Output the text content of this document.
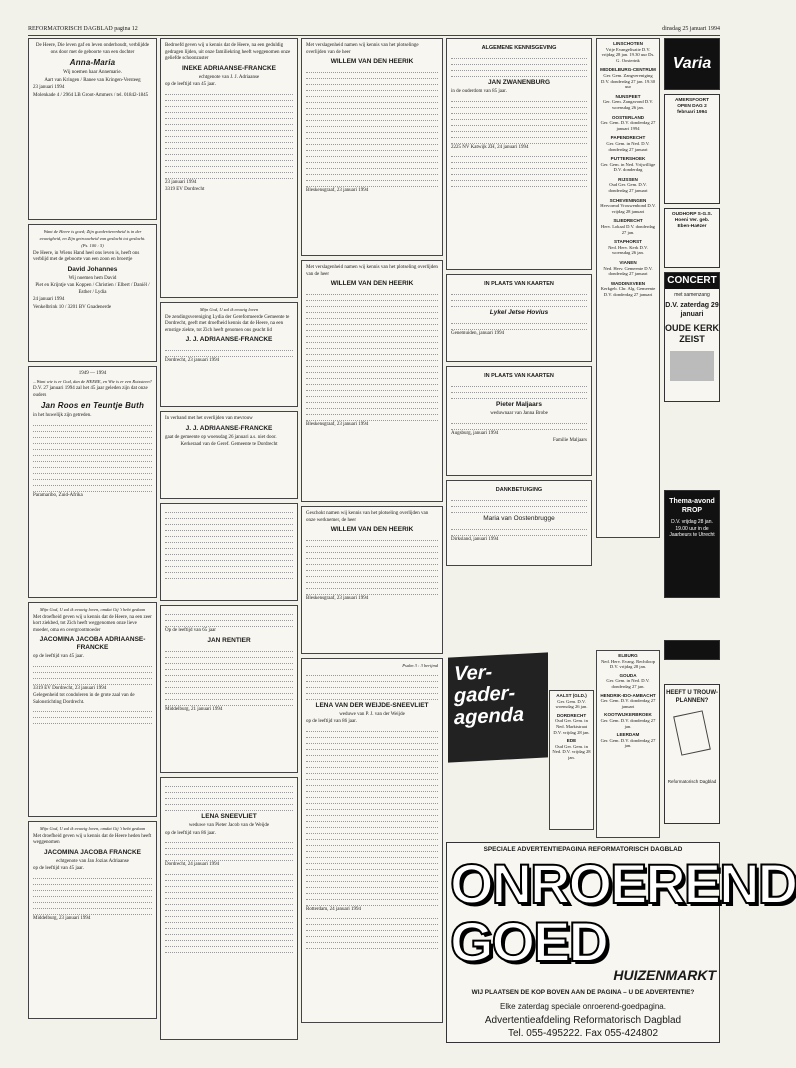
REFORMATORISCH DAGBLAD pagina 12	dinsdag 25 januari 1994

De Heere, Die leven gaf en leven onderhoudt, verblijdde ons door met de geboorte van een dochter

Anna-Maria

Wij noemen haar Annemarie.

Aart van Kringen / Ranee van Kringen-Versteeg

23 januari 1994

Molenkade 4 / 2964 LB Groot-Ammers / tel. 01842-1845

Want de Heere is goed; Zijn goedertierenheid is in der eeuwigheid, en Zijn getrouwheid van geslacht tot geslacht.

(Ps. 100 : 5)

De Heere, in Wiens Hand heel ons leven is, heeft ons verblijd met de geboorte van een zoon en broertje

David Johannes

Wij noemen hem David

Piet en Krijntje van Koppen / Christien / Elbert / Daniël / Esther / Lydia

24 januari 1994

Venkelbrink 10 / 3201 BV Gnadenerde

1949 — 1994

...Want wie is er God, dan de HEERE, en Wie is er een Rotssteen?

D.V. 27 januari 1994 zal het 45 jaar geleden zijn dat onze ouders

Jan Roos en Teuntje Buth

in het huwelijk zijn getreden.

Paramaribo, Zuid-Afrika

Mijn God, U zal ik eeuwig loven, omdat Gij 't hebt gedaan

Met droefheid geven wij u kennis dat de Heere, na een zeer kort ziekbed, tot Zich heeft weggenomen onze lieve moeder, oma en overgrootmoeder

JACOMINA JACOBA ADRIAANSE-FRANCKE

op de leeftijd van 45 jaar.

3319 EV Dordrecht, 23 januari 1994

Gelegenheid tot condoleren in de grote zaal van de Salonstichting Dordrecht.

Mijn God, U zal ik eeuwig loven, omdat Gij 't hebt gedaan

Met droefheid geven wij u kennis dat de Heere heden heeft weggenomen

JACOMINA JACOBA FRANCKE

echtgenote van Jan Jozias Adriaanse

op de leeftijd van 45 jaar.

Middelburg, 23 januari 1994

Bedroefd geven wij u kennis dat de Heere, na een geduldig gedragen lijden, uit onze familiekring heeft weggenomen onze geliefde schoonzuster

INEKE ADRIAANSE-FRANCKE

echtgenote van J. J. Adriaanse

op de leeftijd van 45 jaar.

23 januari 1994

3319 EV Dordrecht

Mijn God, U zal ik eeuwig loven

De zendingsvereniging Lydia der Gereformeerde Gemeente te Dordrecht, geeft met droefheid kennis dat de Heere, na een ernstige ziekte, tot Zich heeft genomen ons geacht lid

J. J. ADRIAANSE-FRANCKE

Dordrecht, 23 januari 1994

In verband met het overlijden van mevrouw

J. J. ADRIAANSE-FRANCKE

gaat de gemeente op woensdag 26 januari a.s. niet door.

Kerkeraad van de Geref. Gemeente te Dordrecht

Op de leeftijd van 65 jaar

JAN RENTIER

Middelburg, 21 januari 1994

LENA SNEEVLIET

weduwe van Pieter Jacob van de Weijde

op de leeftijd van 86 jaar.

Dordrecht, 24 januari 1994

Met verslagenheid namen wij kennis van het plotselinge overlijden van de heer

WILLEM VAN DEN HEERIK

Bleskensgraaf, 23 januari 1994

Met verslagenheid namen wij kennis van het plotseling overlijden van de heer

WILLEM VAN DEN HEERIK

Bleskensgraaf, 23 januari 1994

Geschokt namen wij kennis van het plotseling overlijden van onze werknemer, de heer

WILLEM VAN DEN HEERIK

Bleskensgraaf, 23 januari 1994

Psalm 3 : 3 berijmd

LENA VAN DER WEIJDE-SNEEVLIET

weduwe van P. J. van der Weijde

op de leeftijd van 86 jaar.

Rotterdam, 24 januari 1994

ALGEMENE KENNISGEVING
JAN ZWANENBURG

in de ouderdom van 85 jaar.

2225 NV Katwijk ZH, 24 januari 1994

IN PLAATS VAN KAARTEN
Lykel Jetse Hovius

Genemuiden, januari 1994

IN PLAATS VAN KAARTEN
Pieter Maljaars

weduwnaar van Janna Brobe

Augsburg, januari 1994

Familie Maljaars

DANKBETUIGING
Maria van Oostenbrugge

Dirksland, januari 1994

Ver- gader- agenda
LINSCHOTEN
Vrije Evangelisatie D.V. vrijdag 28 jan. 19.30 uur Ds. G. Oosterink
MIDDELBURG-CENTRUM
Ger. Gem. Zangvereniging D.V. donderdag 27 jan. 19.30 uur
NUNSPEET
Ger. Gem. Zangavond D.V. woensdag 26 jan.
OOSTERLAND
Ger. Gem. D.V. donderdag 27 januari 1994
PAPENDRECHT
Ger. Gem. in Ned. D.V. donderdag 27 januari
PUTTERSHOEK
Ger. Gem. in Ned. Vrijwillige D.V. donderdag
RIJSSEN
Oud Ger. Gem. D.V. donderdag 27 januari
SCHEVENINGEN
Hervormd Vrouwenbond D.V. vrijdag 28 januari
SLIEDRECHT
Herv. Lokaal D.V. donderdag 27 jan.
STAPHORST
Ned. Herv. Kerk D.V. woensdag 26 jan.
VIANEN
Ned. Herv. Gemeente D.V. donderdag 27 januari
WADDINXVEEN
Kerkgeb. Chr. Alg. Gemeente D.V. donderdag 27 januari
AALST (GLD.)
Ger. Gem. D.V. woensdag 26 jan.
DORDRECHT
Oud Ger. Gem. in Ned. Marktstraat D.V. vrijdag 28 jan.
EDE
Oud Ger. Gem. in Ned. D.V. vrijdag 28 jan.
ELBURG
Ned. Herv. Evang. Rechtloop D.V. vrijdag 28 jan.
GOUDA
Ger. Gem. in Ned. D.V. donderdag 27 jan.
HENDRIK-IDO-AMBACHT
Ger. Gem. D.V. donderdag 27 januari
KOOTWIJKERBROEK
Ger. Gem. D.V. donderdag 27 jan.
LEERDAM
Ger. Gem. D.V. donderdag 27 jan.
Varia
AMERSFOORT OPEN DAG 2 februari 1994
OUDHORP S-G.S. Hoeni Ver. geb. Eben-Haëzer
CONCERT
met samenzang
D.V. zaterdag 29 januari
OUDE KERK ZEIST
Thema-avond RROP
D.V. vrijdag 28 jan. 19.00 uur in de Jaarbeurs te Utrecht
HEEFT U TROUW-PLANNEN?
Reformatorisch Dagblad
SPECIALE ADVERTENTIEPAGINA REFORMATORISCH DAGBLAD
ONROEREND GOED
HUIZENMARKT
WIJ PLAATSEN DE KOP BOVEN AAN DE PAGINA – U DE ADVERTENTIE?
Elke zaterdag speciale onroerend-goedpagina.
Advertentieafdeling Reformatorisch Dagblad
Tel. 055-495222. Fax 055-424802
